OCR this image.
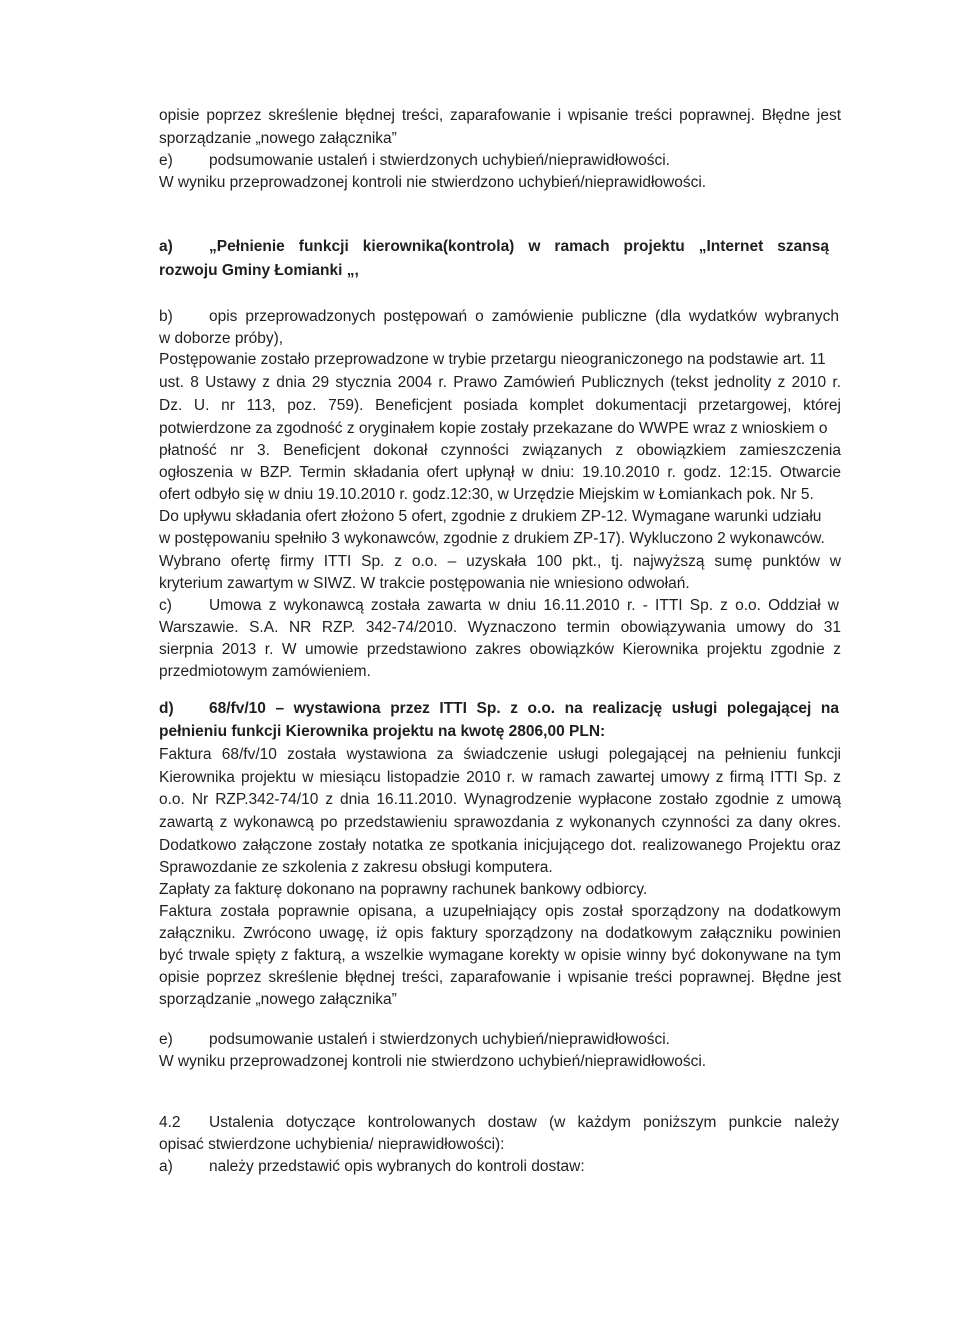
opisie poprzez skreślenie błędnej treści, zaparafowanie i wpisanie treści poprawnej. Błędne jest

sporządzanie „nowego załącznika”

e) podsumowanie ustaleń i stwierdzonych uchybień/nieprawidłowości.

W wyniku przeprowadzonej kontroli nie stwierdzono uchybień/nieprawidłowości.

a) „Pełnienie funkcji kierownika(kontrola) w ramach projektu „Internet szansą

rozwoju Gminy Łomianki „,

b) opis przeprowadzonych postępowań o zamówienie publiczne (dla wydatków wybranych

w doborze próby),

Postępowanie zostało przeprowadzone w trybie przetargu nieograniczonego na podstawie art. 11

ust. 8 Ustawy z dnia 29 stycznia 2004 r. Prawo Zamówień Publicznych (tekst jednolity z 2010 r.

Dz. U. nr 113, poz. 759). Beneficjent posiada komplet dokumentacji przetargowej, której

potwierdzone za zgodność z oryginałem kopie zostały przekazane do WWPE wraz z wnioskiem o

płatność nr 3. Beneficjent dokonał czynności związanych z obowiązkiem zamieszczenia

ogłoszenia w BZP. Termin składania ofert upłynął w dniu: 19.10.2010 r. godz. 12:15. Otwarcie

ofert odbyło się w dniu 19.10.2010 r. godz.12:30, w Urzędzie Miejskim w Łomiankach pok. Nr 5.

Do upływu składania ofert złożono 5 ofert, zgodnie z drukiem ZP-12. Wymagane warunki udziału

w postępowaniu spełniło 3 wykonawców, zgodnie z drukiem ZP-17). Wykluczono 2 wykonawców.

Wybrano ofertę firmy ITTI Sp. z o.o. – uzyskała 100 pkt., tj. najwyższą sumę punktów w

kryterium zawartym w SIWZ. W trakcie postępowania nie wniesiono odwołań.

c) Umowa z wykonawcą została zawarta w dniu 16.11.2010 r. - ITTI Sp. z o.o. Oddział w

Warszawie. S.A. NR RZP. 342-74/2010. Wyznaczono termin obowiązywania umowy do 31

sierpnia 2013 r. W umowie przedstawiono zakres obowiązków Kierownika projektu zgodnie z

przedmiotowym zamówieniem.

d) 68/fv/10 – wystawiona przez ITTI Sp. z o.o. na realizację usługi polegającej na

pełnieniu funkcji Kierownika projektu na kwotę 2806,00 PLN:

Faktura 68/fv/10 została wystawiona za świadczenie usługi polegającej na pełnieniu funkcji

Kierownika projektu w miesiącu listopadzie 2010 r. w ramach zawartej umowy z firmą ITTI Sp. z

o.o. Nr RZP.342-74/10 z dnia 16.11.2010. Wynagrodzenie wypłacone zostało zgodnie z umową

zawartą z wykonawcą po przedstawieniu sprawozdania z wykonanych czynności za dany okres.

Dodatkowo załączone zostały notatka ze spotkania inicjującego dot. realizowanego Projektu oraz

Sprawozdanie ze szkolenia z zakresu obsługi komputera.

Zapłaty za fakturę dokonano na poprawny rachunek bankowy odbiorcy.

Faktura została poprawnie opisana, a uzupełniający opis został sporządzony na dodatkowym

załączniku. Zwrócono uwagę, iż opis faktury sporządzony na dodatkowym załączniku powinien

być trwale spięty z fakturą, a wszelkie wymagane korekty w opisie winny być dokonywane na tym

opisie poprzez skreślenie błędnej treści, zaparafowanie i wpisanie treści poprawnej. Błędne jest

sporządzanie „nowego załącznika”

e) podsumowanie ustaleń i stwierdzonych uchybień/nieprawidłowości.

W wyniku przeprowadzonej kontroli nie stwierdzono uchybień/nieprawidłowości.

4.2 Ustalenia dotyczące kontrolowanych dostaw (w każdym poniższym punkcie należy

opisać stwierdzone uchybienia/ nieprawidłowości):

a) należy przedstawić opis wybranych do kontroli dostaw:
